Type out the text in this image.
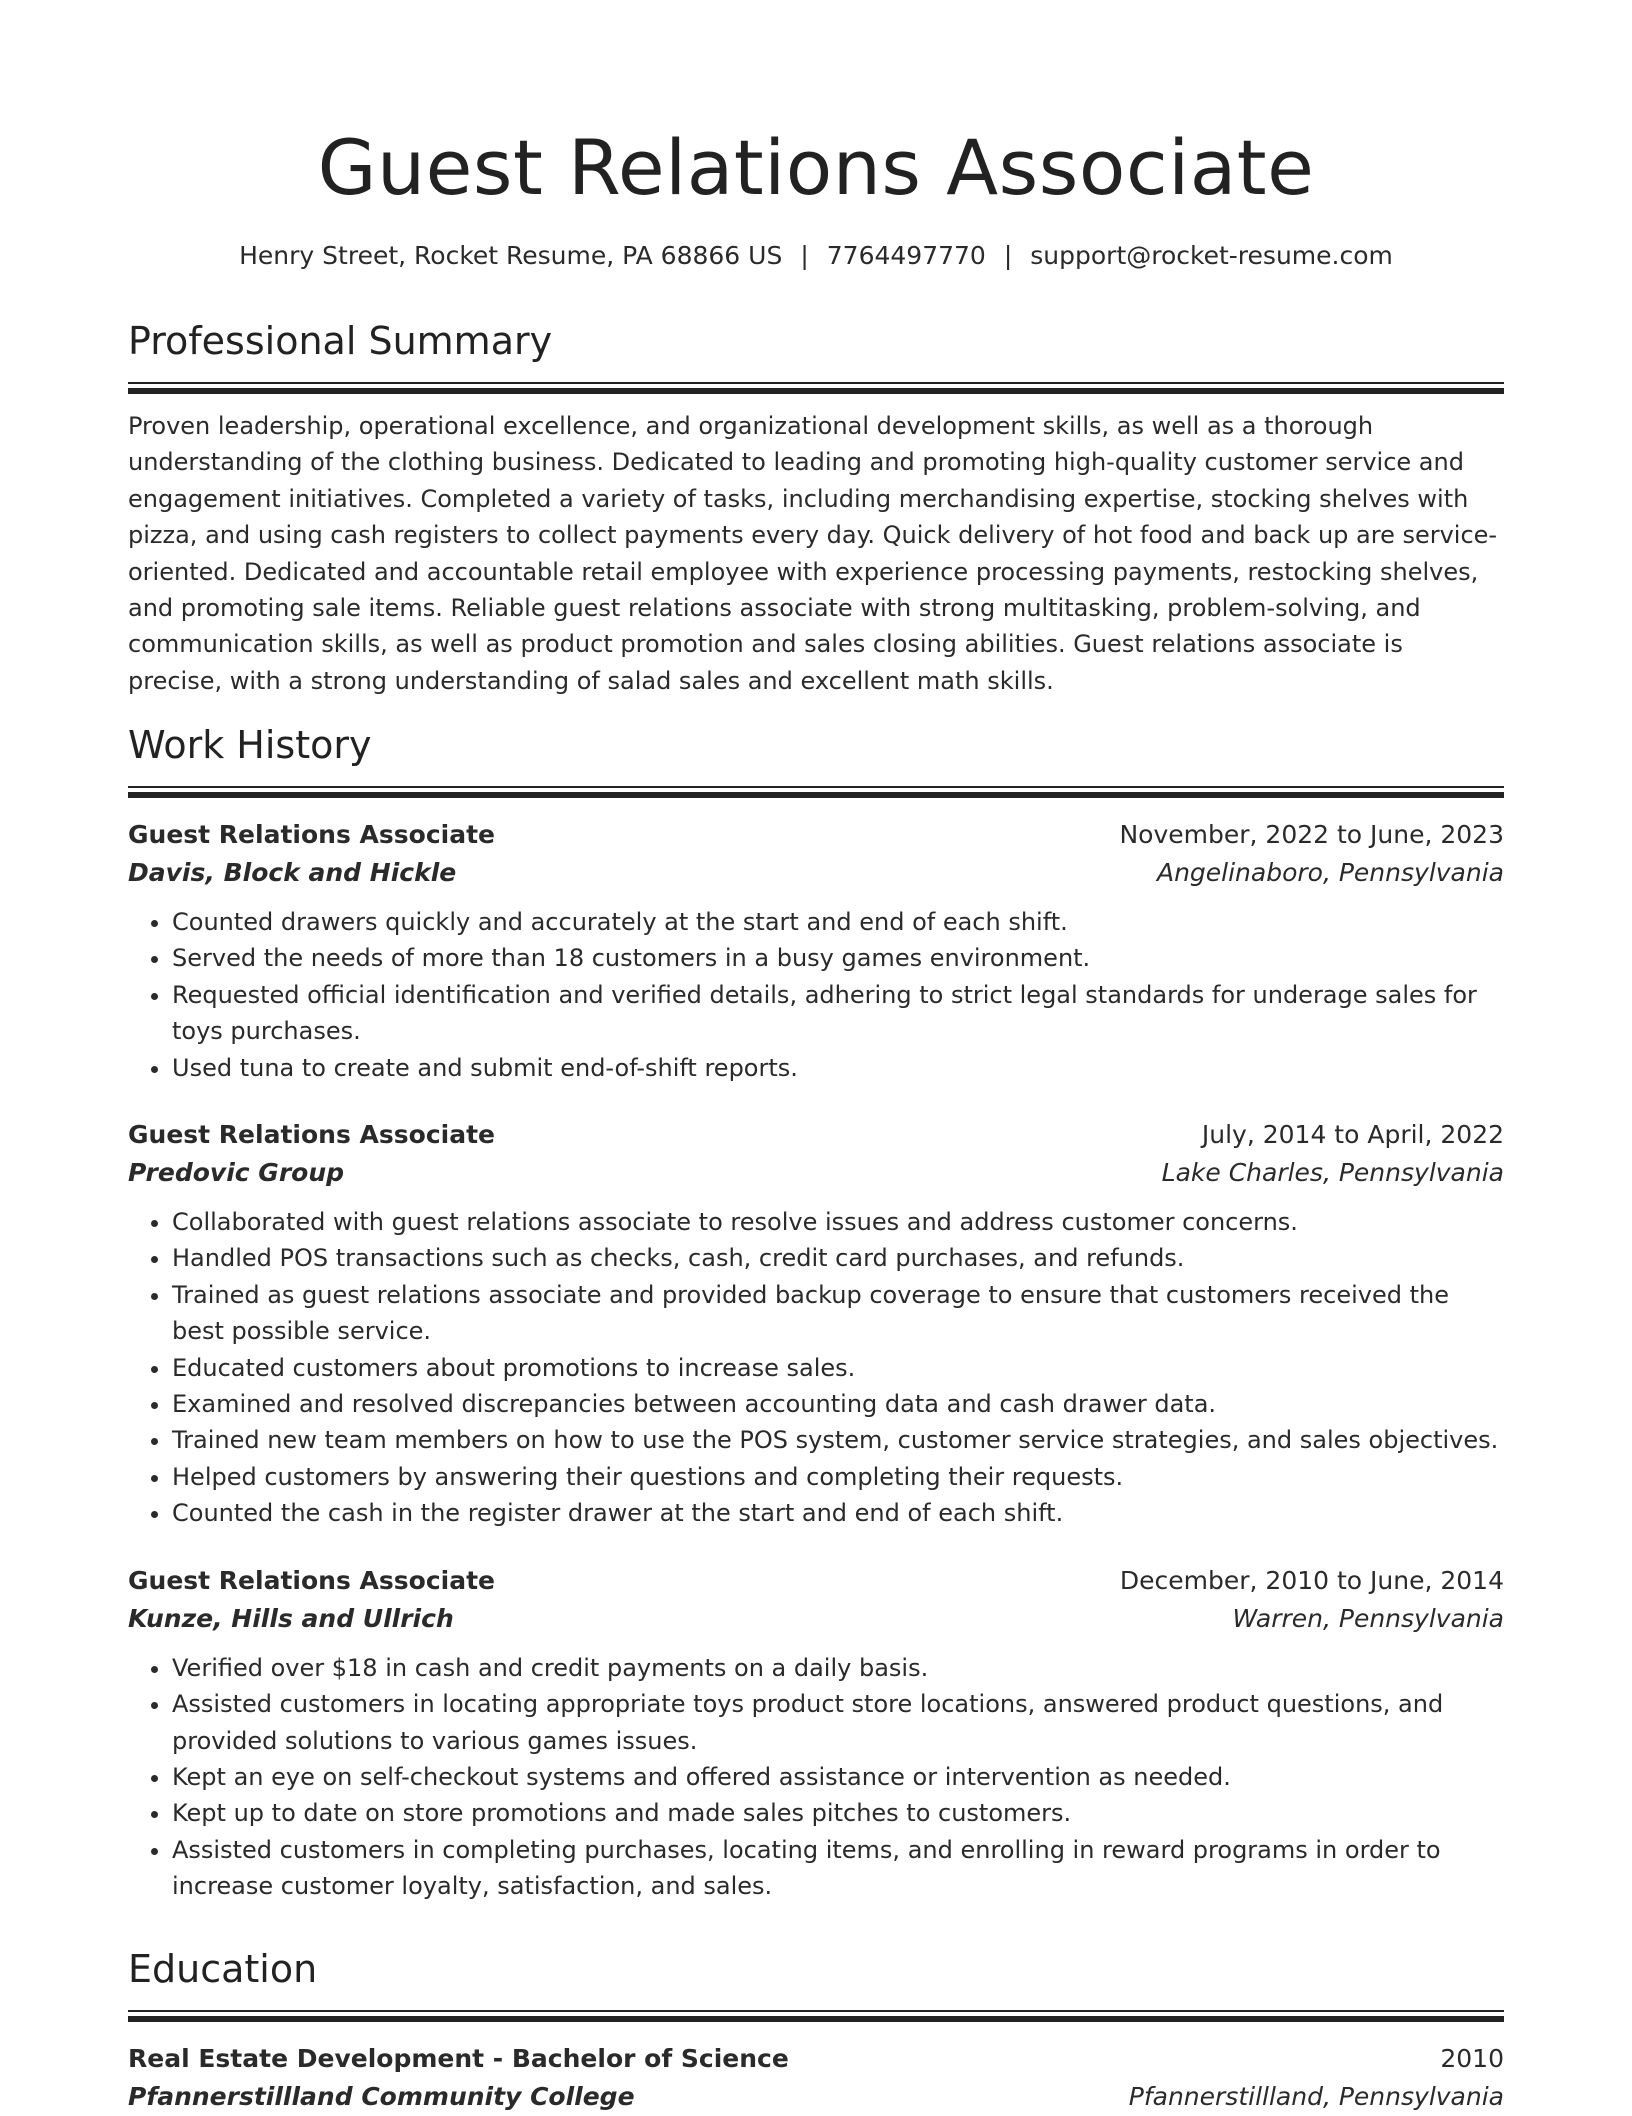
Guest Relations Associate
Henry Street, Rocket Resume, PA 68866 US | 7764497770 | support@rocket-resume.com
Professional Summary
Proven leadership, operational excellence, and organizational development skills, as well as a thorough understanding of the clothing business. Dedicated to leading and promoting high-quality customer service and engagement initiatives. Completed a variety of tasks, including merchandising expertise, stocking shelves with pizza, and using cash registers to collect payments every day. Quick delivery of hot food and back up are service-oriented. Dedicated and accountable retail employee with experience processing payments, restocking shelves, and promoting sale items. Reliable guest relations associate with strong multitasking, problem-solving, and communication skills, as well as product promotion and sales closing abilities. Guest relations associate is precise, with a strong understanding of salad sales and excellent math skills.
Work History
Guest Relations Associate	November, 2022 to June, 2023
Davis, Block and Hickle	Angelinaboro, Pennsylvania
• Counted drawers quickly and accurately at the start and end of each shift.
• Served the needs of more than 18 customers in a busy games environment.
• Requested official identification and verified details, adhering to strict legal standards for underage sales for toys purchases.
• Used tuna to create and submit end-of-shift reports.
Guest Relations Associate	July, 2014 to April, 2022
Predovic Group	Lake Charles, Pennsylvania
• Collaborated with guest relations associate to resolve issues and address customer concerns.
• Handled POS transactions such as checks, cash, credit card purchases, and refunds.
• Trained as guest relations associate and provided backup coverage to ensure that customers received the best possible service.
• Educated customers about promotions to increase sales.
• Examined and resolved discrepancies between accounting data and cash drawer data.
• Trained new team members on how to use the POS system, customer service strategies, and sales objectives.
• Helped customers by answering their questions and completing their requests.
• Counted the cash in the register drawer at the start and end of each shift.
Guest Relations Associate	December, 2010 to June, 2014
Kunze, Hills and Ullrich	Warren, Pennsylvania
• Verified over $18 in cash and credit payments on a daily basis.
• Assisted customers in locating appropriate toys product store locations, answered product questions, and provided solutions to various games issues.
• Kept an eye on self-checkout systems and offered assistance or intervention as needed.
• Kept up to date on store promotions and made sales pitches to customers.
• Assisted customers in completing purchases, locating items, and enrolling in reward programs in order to increase customer loyalty, satisfaction, and sales.
Education
Real Estate Development - Bachelor of Science	2010
Pfannerstillland Community College	Pfannerstillland, Pennsylvania
